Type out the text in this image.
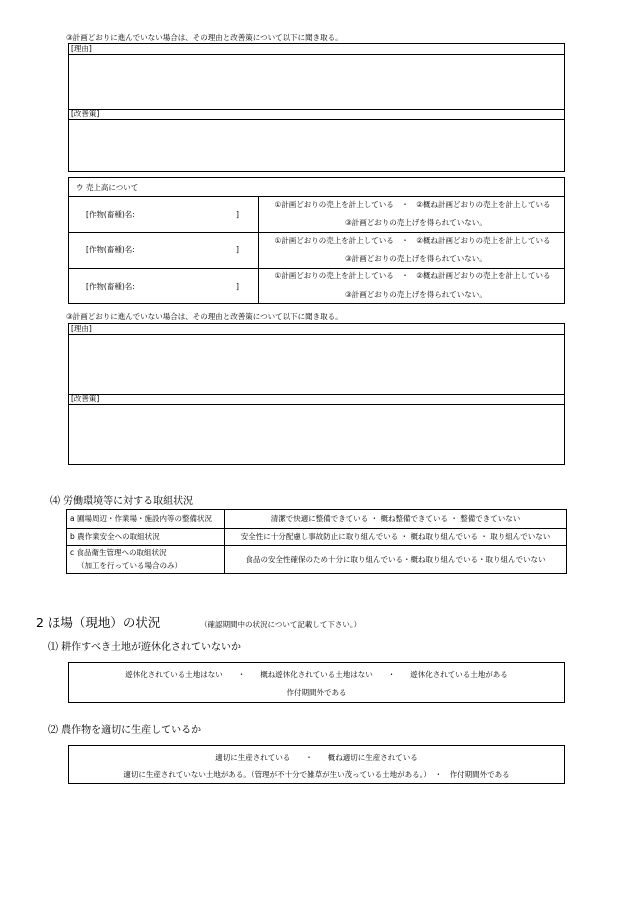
③計画どおりに進んでいない場合は、その理由と改善策について以下に聞き取る。
[理由]
[改善策]
ウ 売上高について
[作物(畜種)名:	]
①計画どおりの売上を計上している　・　②概ね計画どおりの売上を計上している
③計画どおりの売上げを得られていない。
[作物(畜種)名:	]
①計画どおりの売上を計上している　・　②概ね計画どおりの売上を計上している
③計画どおりの売上げを得られていない。
[作物(畜種)名:	]
①計画どおりの売上を計上している　・　②概ね計画どおりの売上を計上している
③計画どおりの売上げを得られていない。
③計画どおりに進んでいない場合は、その理由と改善策について以下に聞き取る。
[理由]
[改善策]
⑷ 労働環境等に対する取組状況
a 圃場周辺・作業場・施設内等の整備状況	清潔で快適に整備できている ・ 概ね整備できている ・ 整備できていない
b 農作業安全への取組状況	安全性に十分配慮し事故防止に取り組んでいる ・ 概ね取り組んでいる ・ 取り組んでいない
c 食品衛生管理への取組状況
（加工を行っている場合のみ）
食品の安全性確保のため十分に取り組んでいる・概ね取り組んでいる・取り組んでいない
2 ほ場（現地）の状況	（確認期間中の状況について記載して下さい。）
⑴ 耕作すべき土地が遊休化されていないか
遊休化されている土地はない　　・　　概ね遊休化されている土地はない　　・　　遊休化されている土地がある
作付期間外である
⑵ 農作物を適切に生産しているか
適切に生産されている　　・　　概ね適切に生産されている
適切に生産されていない土地がある。（管理が不十分で雑草が生い茂っている土地がある。）　・　作付期間外である
